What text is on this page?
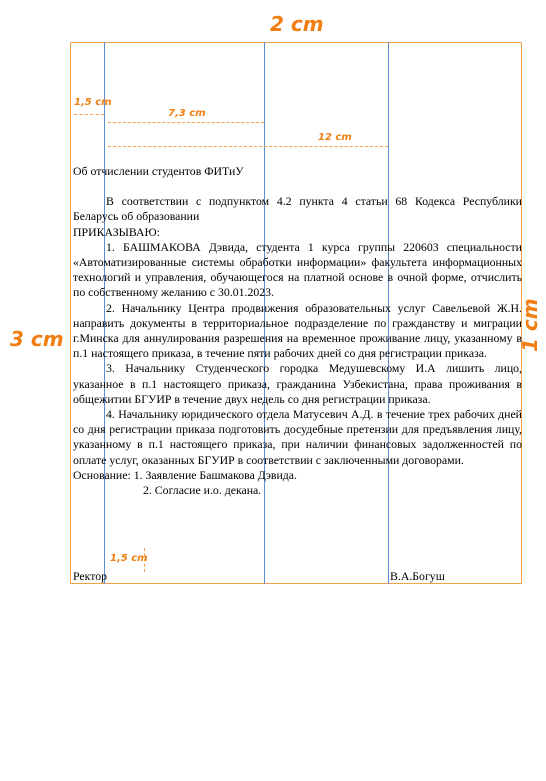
2 cm
3 cm	1 cm
1,5 cm
7,3 cm
12 cm
1,5 cm

Об отчислении студентов ФИТиУ

В соответствии с подпунктом 4.2 пункта 4 статьи 68 Кодекса Республики Беларусь об образовании

ПРИКАЗЫВАЮ:

1. БАШМАКОВА Дэвида, студента 1 курса группы 220603 специальности «Автоматизированные системы обработки информации» факультета информационных технологий и управления, обучающегося на платной основе в очной форме, отчислить по собственному желанию с 30.01.2023.

2. Начальнику Центра продвижения образовательных услуг Савельевой Ж.Н. направить документы в территориальное подразделение по гражданству и миграции г.Минска для аннулирования разрешения на временное проживание лицу, указанному в п.1 настоящего приказа, в течение пяти рабочих дней со дня регистрации приказа.

3. Начальнику Студенческого городка Медушевскому И.А лишить лицо, указанное в п.1 настоящего приказа, гражданина Узбекистана, права проживания в общежитии БГУИР в течение двух недель со дня регистрации приказа.

4. Начальнику юридического отдела Матусевич А.Д. в течение трех рабочих дней со дня регистрации приказа подготовить досудебные претензии для предъявления лицу, указанному в п.1 настоящего приказа, при наличии финансовых задолженностей по оплате услуг, оказанных БГУИР в соответствии с заключенными договорами.

Основание: 1. Заявление Башмакова Дэвида.
2. Согласие и.о. декана.
Ректор	В.А.Богуш
